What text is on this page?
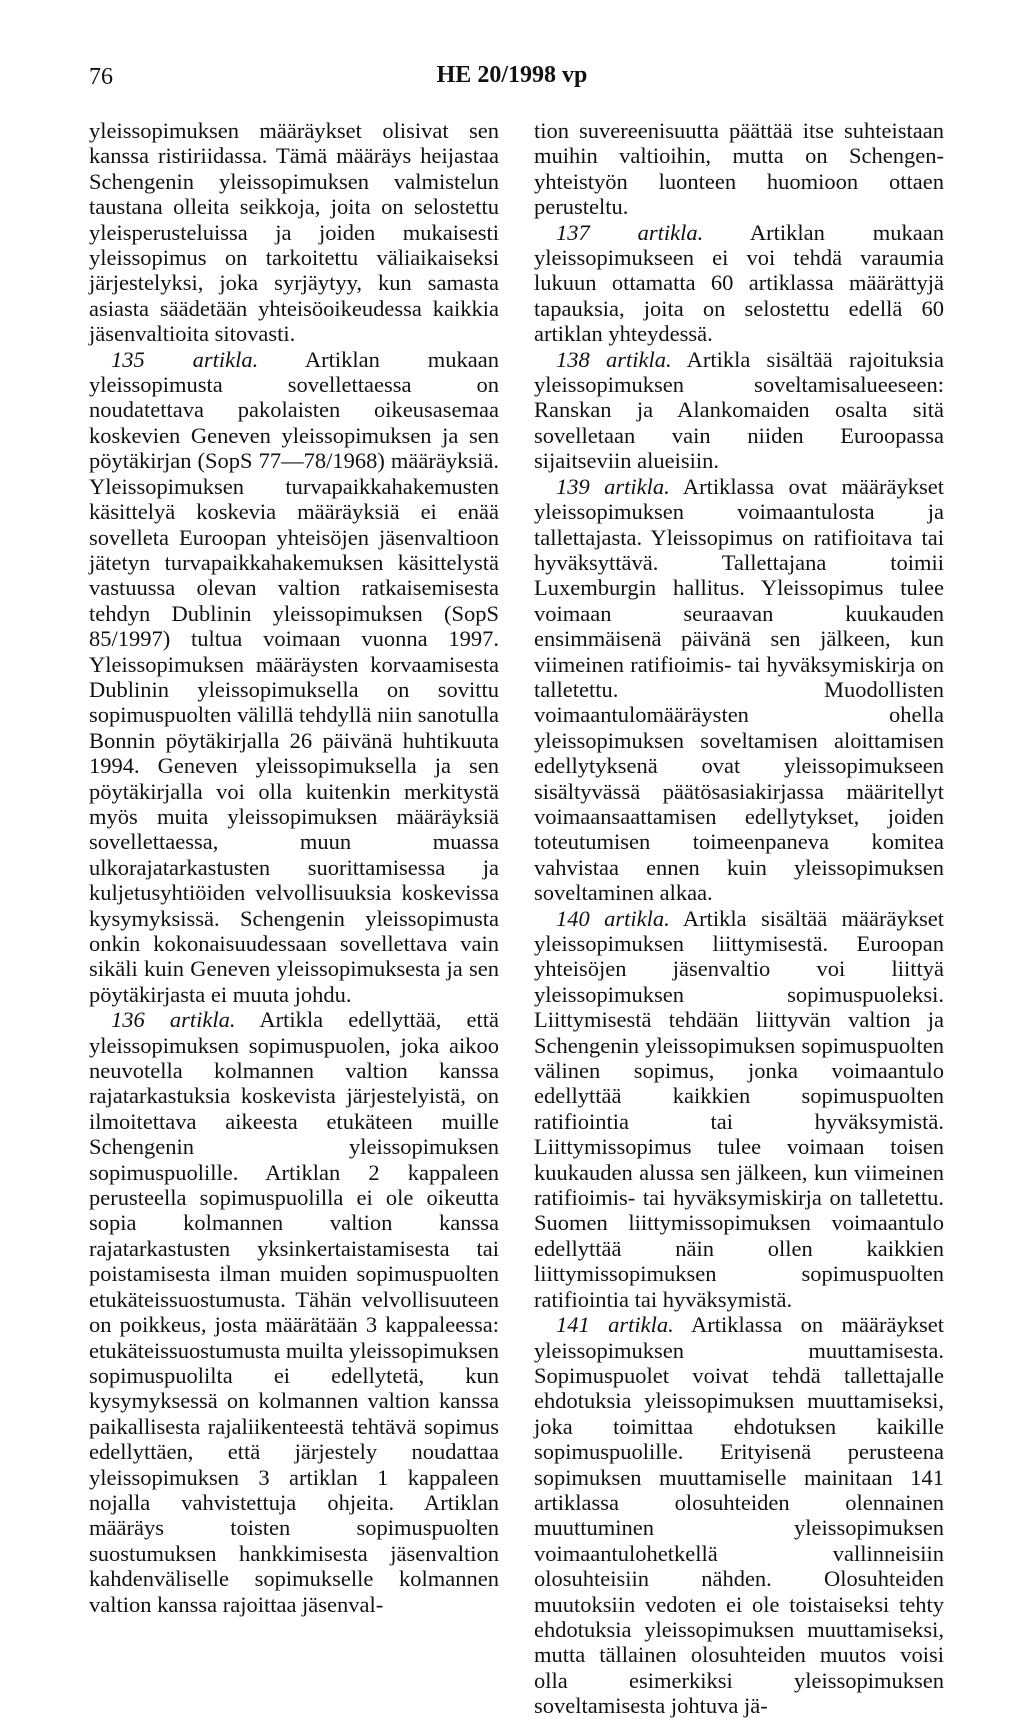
76	HE 20/1998 vp

yleissopimuksen määräykset olisivat sen kanssa ristiriidassa. Tämä määräys heijastaa Schengenin yleissopimuksen valmistelun taustana olleita seikkoja, joita on selostettu yleisperusteluissa ja joiden mukaisesti yleissopimus on tarkoitettu väliaikaiseksi järjestelyksi, joka syrjäytyy, kun samasta asiasta säädetään yhteisöoikeudessa kaikkia jäsenvaltioita sitovasti.

135 artikla. Artiklan mukaan yleissopimusta sovellettaessa on noudatettava pakolaisten oikeusasemaa koskevien Geneven yleissopimuksen ja sen pöytäkirjan (SopS 77—78/1968) määräyksiä. Yleissopimuksen turvapaikkahakemusten käsittelyä koskevia määräyksiä ei enää sovelleta Euroopan yhteisöjen jäsenvaltioon jätetyn turvapaikkahakemuksen käsittelystä vastuussa olevan valtion ratkaisemisesta tehdyn Dublinin yleissopimuksen (SopS 85/1997) tultua voimaan vuonna 1997. Yleissopimuksen määräysten korvaamisesta Dublinin yleissopimuksella on sovittu sopimuspuolten välillä tehdyllä niin sanotulla Bonnin pöytäkirjalla 26 päivänä huhtikuuta 1994. Geneven yleissopimuksella ja sen pöytäkirjalla voi olla kuitenkin merkitystä myös muita yleissopimuksen määräyksiä sovellettaessa, muun muassa ulkorajatarkastusten suorittamisessa ja kuljetusyhtiöiden velvollisuuksia koskevissa kysymyksissä. Schengenin yleissopimusta onkin kokonaisuudessaan sovellettava vain sikäli kuin Geneven yleissopimuksesta ja sen pöytäkirjasta ei muuta johdu.

136 artikla. Artikla edellyttää, että yleissopimuksen sopimuspuolen, joka aikoo neuvotella kolmannen valtion kanssa rajatarkastuksia koskevista järjestelyistä, on ilmoitettava aikeesta etukäteen muille Schengenin yleissopimuksen sopimuspuolille. Artiklan 2 kappaleen perusteella sopimuspuolilla ei ole oikeutta sopia kolmannen valtion kanssa rajatarkastusten yksinkertaistamisesta tai poistamisesta ilman muiden sopimuspuolten etukäteissuostumusta. Tähän velvollisuuteen on poikkeus, josta määrätään 3 kappaleessa: etukäteissuostumusta muilta yleissopimuksen sopimuspuolilta ei edellytetä, kun kysymyksessä on kolmannen valtion kanssa paikallisesta rajaliikenteestä tehtävä sopimus edellyttäen, että järjestely noudattaa yleissopimuksen 3 artiklan 1 kappaleen nojalla vahvistettuja ohjeita. Artiklan määräys toisten sopimuspuolten suostumuksen hankkimisesta jäsenvaltion kahdenväliselle sopimukselle kolmannen valtion kanssa rajoittaa jäsenval-

tion suvereenisuutta päättää itse suhteistaan muihin valtioihin, mutta on Schengen-yhteistyön luonteen huomioon ottaen perusteltu.

137 artikla. Artiklan mukaan yleissopimukseen ei voi tehdä varaumia lukuun ottamatta 60 artiklassa määrättyjä tapauksia, joita on selostettu edellä 60 artiklan yhteydessä.

138 artikla. Artikla sisältää rajoituksia yleissopimuksen soveltamisalueeseen: Ranskan ja Alankomaiden osalta sitä sovelletaan vain niiden Euroopassa sijaitseviin alueisiin.

139 artikla. Artiklassa ovat määräykset yleissopimuksen voimaantulosta ja tallettajasta. Yleissopimus on ratifioitava tai hyväksyttävä. Tallettajana toimii Luxemburgin hallitus. Yleissopimus tulee voimaan seuraavan kuukauden ensimmäisenä päivänä sen jälkeen, kun viimeinen ratifioimis- tai hyväksymiskirja on talletettu. Muodollisten voimaantulomääräysten ohella yleissopimuksen soveltamisen aloittamisen edellytyksenä ovat yleissopimukseen sisältyvässä päätösasiakirjassa määritellyt voimaansaattamisen edellytykset, joiden toteutumisen toimeenpaneva komitea vahvistaa ennen kuin yleissopimuksen soveltaminen alkaa.

140 artikla. Artikla sisältää määräykset yleissopimuksen liittymisestä. Euroopan yhteisöjen jäsenvaltio voi liittyä yleissopimuksen sopimuspuoleksi. Liittymisestä tehdään liittyvän valtion ja Schengenin yleissopimuksen sopimuspuolten välinen sopimus, jonka voimaantulo edellyttää kaikkien sopimuspuolten ratifiointia tai hyväksymistä. Liittymissopimus tulee voimaan toisen kuukauden alussa sen jälkeen, kun viimeinen ratifioimis- tai hyväksymiskirja on talletettu. Suomen liittymissopimuksen voimaantulo edellyttää näin ollen kaikkien liittymissopimuksen sopimuspuolten ratifiointia tai hyväksymistä.

141 artikla. Artiklassa on määräykset yleissopimuksen muuttamisesta. Sopimuspuolet voivat tehdä tallettajalle ehdotuksia yleissopimuksen muuttamiseksi, joka toimittaa ehdotuksen kaikille sopimuspuolille. Erityisenä perusteena sopimuksen muuttamiselle mainitaan 141 artiklassa olosuhteiden olennainen muuttuminen yleissopimuksen voimaantulohetkellä vallinneisiin olosuhteisiin nähden. Olosuhteiden muutoksiin vedoten ei ole toistaiseksi tehty ehdotuksia yleissopimuksen muuttamiseksi, mutta tällainen olosuhteiden muutos voisi olla esimerkiksi yleissopimuksen soveltamisesta johtuva jä-
